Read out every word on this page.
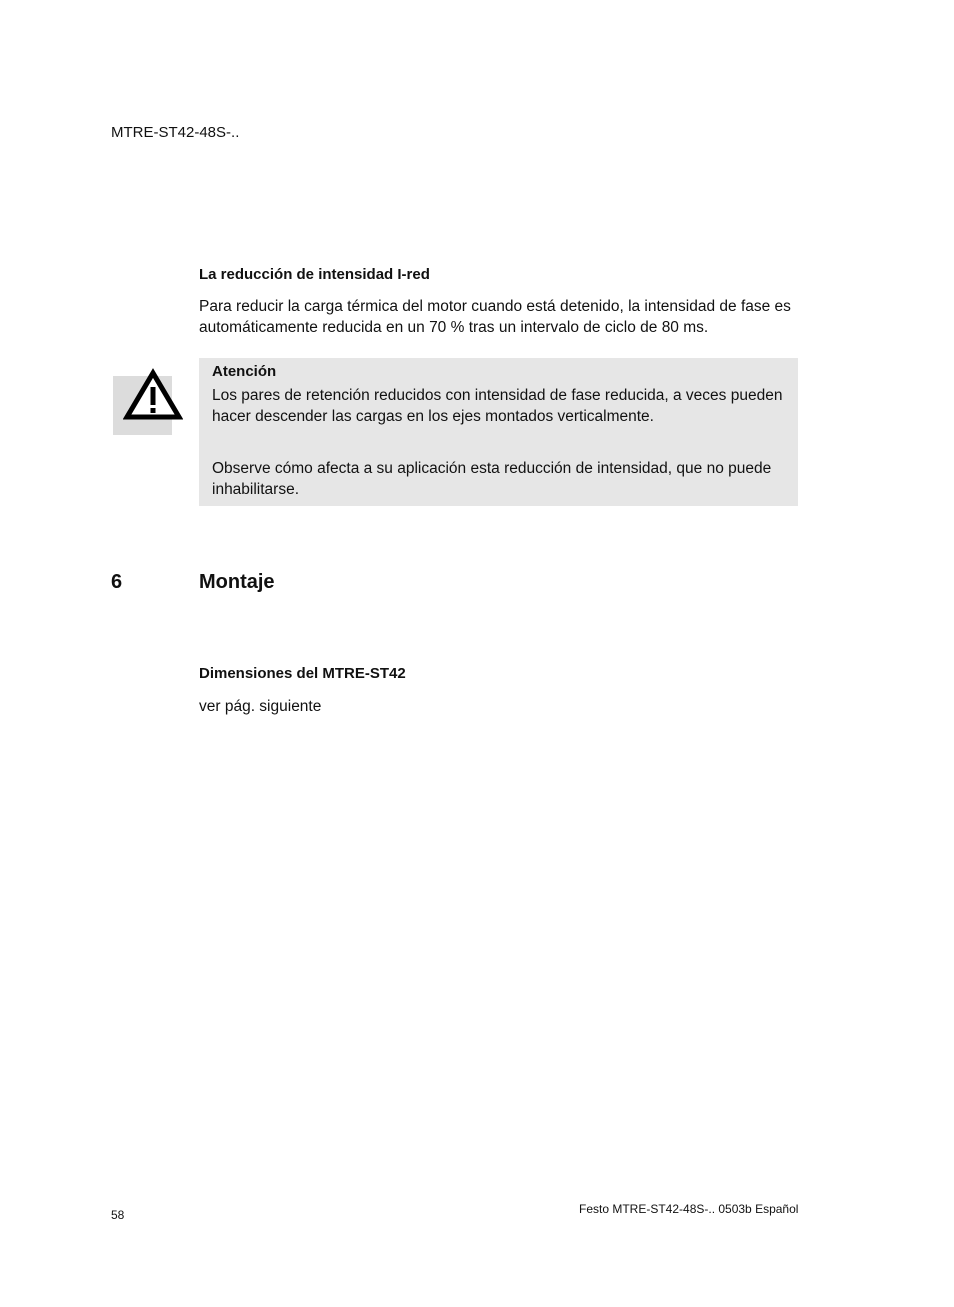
MTRE-ST42-48S-..
La reducción de intensidad I-red
Para reducir la carga térmica del motor cuando está detenido, la intensidad de fase es automáticamente reducida en un 70 % tras un intervalo de ciclo de 80 ms.
Atención
Los pares de retención reducidos con intensidad de fase reducida, a veces pueden hacer descender las cargas en los ejes montados verticalmente.
Observe cómo afecta a su aplicación esta reducción de intensidad, que no puede inhabilitarse.
6	Montaje
Dimensiones del MTRE-ST42
ver pág. siguiente
58	Festo MTRE-ST42-48S-.. 0503b Español
